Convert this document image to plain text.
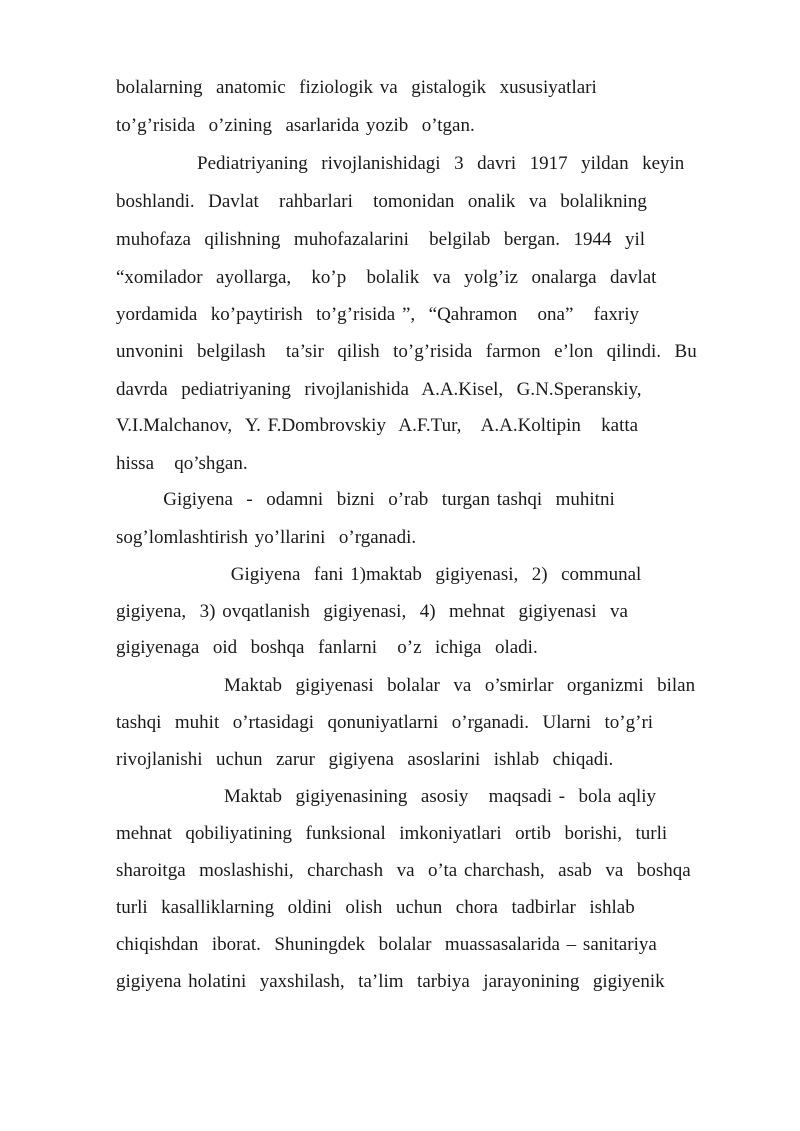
bolalarning  anatomic  fiziologik va  gistalogik  xususiyatlari
to’g’risida  o’zining  asarlarida yozib  o’tgan.
Pediatriyaning  rivojlanishidagi  3  davri  1917  yildan  keyin
boshlandi.  Davlat   rahbarlari   tomonidan  onalik  va  bolalikning
muhofaza  qilishning  muhofazalarini   belgilab  bergan.  1944  yil
“xomilador  ayollarga,   ko’p   bolalik  va  yolg’iz  onalarga  davlat
yordamida  ko’paytirish  to’g’risida ”,  “Qahramon   ona”   faxriy
unvonini  belgilash   ta’sir  qilish  to’g’risida  farmon  e’lon  qilindi.  Bu
davrda  pediatriyaning  rivojlanishida  A.A.Kisel,  G.N.Speranskiy,
V.I.Malchanov,  Y. F.Dombrovskiy  A.F.Tur,   A.A.Koltipin   katta
hissa   qo’shgan.
Gigiyena  -  odamni  bizni  o’rab  turgan tashqi  muhitni
sog’lomlashtirish yo’llarini  o’rganadi.
Gigiyena  fani 1)maktab  gigiyenasi,  2)  communal
gigiyena,  3) ovqatlanish  gigiyenasi,  4)  mehnat  gigiyenasi  va
gigiyenaga  oid  boshqa  fanlarni   o’z  ichiga  oladi.
Maktab  gigiyenasi  bolalar  va  o’smirlar  organizmi  bilan
tashqi  muhit  o’rtasidagi  qonuniyatlarni  o’rganadi.  Ularni  to’g’ri
rivojlanishi  uchun  zarur  gigiyena  asoslarini  ishlab  chiqadi.
Maktab  gigiyenasining  asosiy   maqsadi -  bola aqliy
mehnat  qobiliyatining  funksional  imkoniyatlari  ortib  borishi,  turli
sharoitga  moslashishi,  charchash  va  o’ta charchash,  asab  va  boshqa
turli  kasalliklarning  oldini  olish  uchun  chora  tadbirlar  ishlab
chiqishdan  iborat.  Shuningdek  bolalar  muassasalarida – sanitariya
gigiyena holatini  yaxshilash,  ta’lim  tarbiya  jarayonining  gigiyenik
